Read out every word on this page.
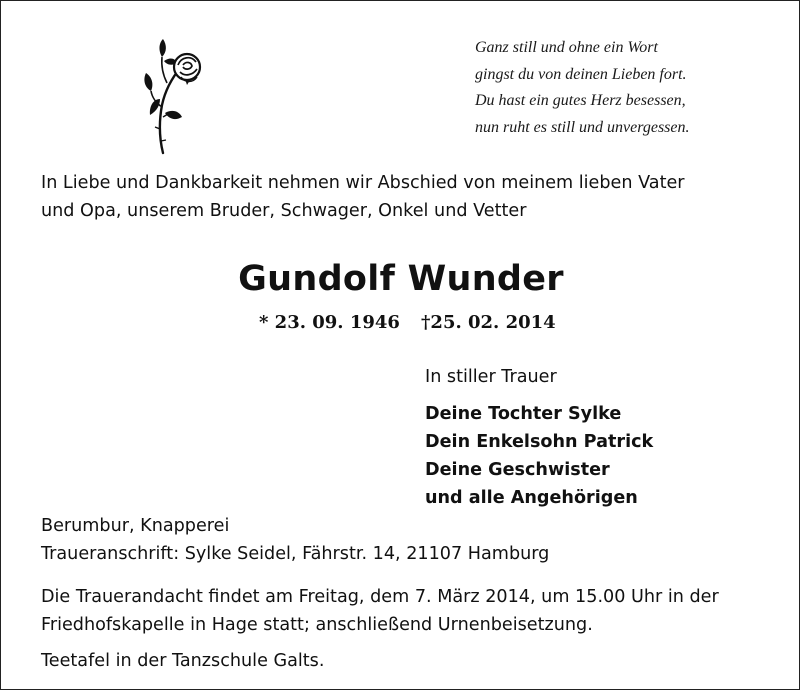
Ganz still und ohne ein Wort
gingst du von deinen Lieben fort.
Du hast ein gutes Herz besessen,
nun ruht es still und unvergessen.
In Liebe und Dankbarkeit nehmen wir Abschied von meinem lieben Vater
und Opa, unserem Bruder, Schwager, Onkel und Vetter
Gundolf Wunder
* 23. 09. 1946 †25. 02. 2014
In stiller Trauer
Deine Tochter Sylke
Dein Enkelsohn Patrick
Deine Geschwister
und alle Angehörigen
Berumbur, Knapperei
Traueranschrift: Sylke Seidel, Fährstr. 14, 21107 Hamburg
Die Trauerandacht findet am Freitag, dem 7. März 2014, um 15.00 Uhr in der
Friedhofskapelle in Hage statt; anschließend Urnenbeisetzung.
Teetafel in der Tanzschule Galts.
